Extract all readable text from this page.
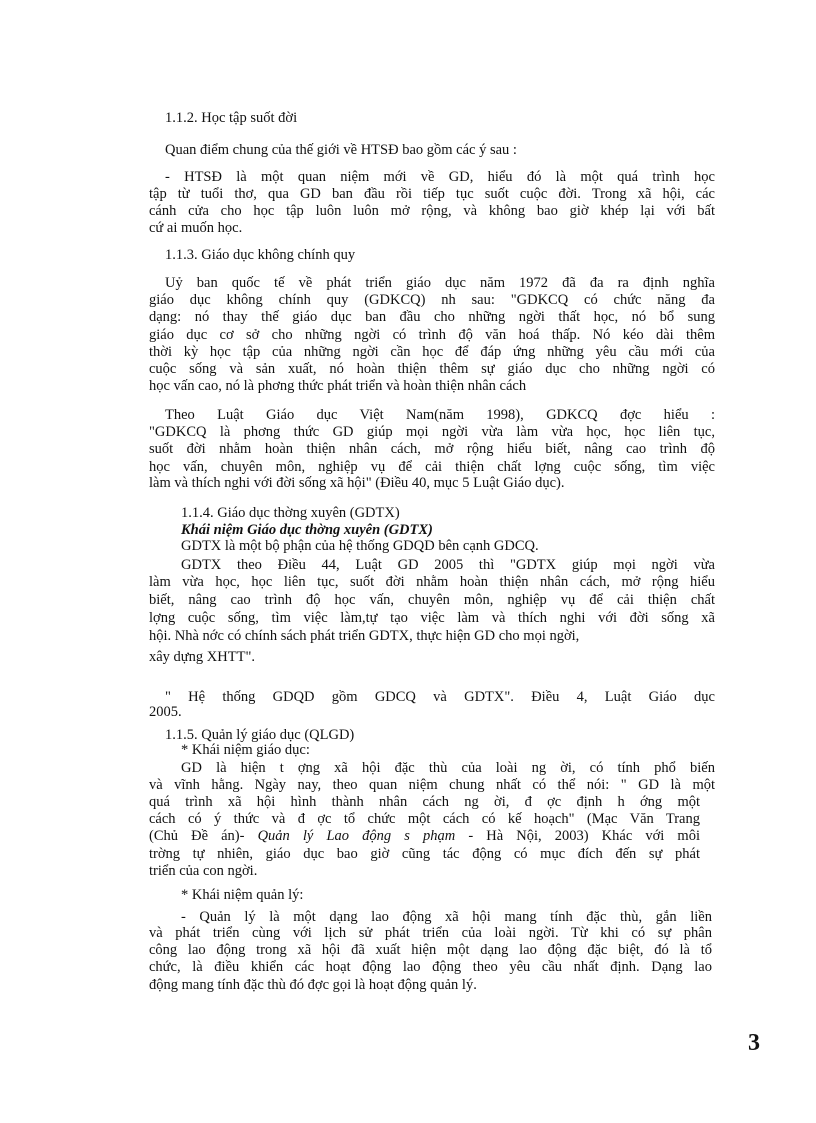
1.1.2. Học tập suốt đời
Quan điểm chung của thế giới về HTSĐ bao gồm các ý sau :
- HTSĐ là một quan niệm mới về GD, hiểu đó là một quá trình học
tập từ tuổi thơ, qua GD ban đầu rồi tiếp tục suốt cuộc đời. Trong xã hội, các
cánh cửa cho học tập luôn luôn mở rộng, và không bao giờ khép lại với bất
cứ ai muốn học.
1.1.3. Giáo dục không chính quy
Uỷ ban quốc tế về phát triển giáo dục năm 1972 đã đa ra định nghĩa
giáo dục không chính quy (GDKCQ) nh sau: "GDKCQ có chức năng đa
dạng: nó thay thế giáo dục ban đầu cho những ngời thất học, nó bổ sung
giáo dục cơ sở cho những ngời có trình độ văn hoá thấp. Nó kéo dài thêm
thời kỳ học tập của những ngời cần học để đáp ứng những yêu cầu mới của
cuộc sống và sản xuất, nó hoàn thiện thêm sự giáo dục cho những ngời có
học vấn cao, nó là phơng thức phát triển và hoàn thiện nhân cách
Theo Luật Giáo dục Việt Nam(năm 1998), GDKCQ đợc hiểu :
"GDKCQ là phơng thức GD giúp mọi ngời vừa làm vừa học, học liên tục,
suốt đời nhằm hoàn thiện nhân cách, mở rộng hiểu biết, nâng cao trình độ
học vấn, chuyên môn, nghiệp vụ để cải thiện chất lợng cuộc sống, tìm việc
làm và thích nghi với đời sống xã hội" (Điều 40, mục 5 Luật Giáo dục).
1.1.4. Giáo dục thờng xuyên (GDTX)
Khái niệm Giáo dục thờng xuyên (GDTX)
GDTX là một bộ phận của hệ thống GDQD bên cạnh GDCQ.
GDTX theo Điều 44, Luật GD 2005 thì "GDTX giúp mọi ngời vừa
làm vừa học, học liên tục, suốt đời nhằm hoàn thiện nhân cách, mở rộng hiểu
biết, nâng cao trình độ học vấn, chuyên môn, nghiệp vụ để cải thiện chất
lợng cuộc sống, tìm việc làm,tự tạo việc làm và thích nghi với đời sống xã
hội. Nhà nớc có chính sách phát triển GDTX, thực hiện GD cho mọi ngời,
xây dựng XHTT".
" Hệ thống GDQD gồm GDCQ và GDTX". Điều 4, Luật Giáo dục
2005.
1.1.5. Quản lý giáo dục (QLGD)
* Khái niệm giáo dục:
GD là hiện t ợng xã hội đặc thù của loài ng ời, có tính phổ biến
và vĩnh hằng. Ngày nay, theo quan niệm chung nhất có thể nói: " GD là một
quá trình xã hội hình thành nhân cách ng ời, đ ợc định h ớng một
cách có ý thức và đ ợc tổ chức một cách có kế hoạch" (Mạc Văn Trang
(Chủ Đề án)- Quản lý Lao động s phạm - Hà Nội, 2003) Khác với môi
trờng tự nhiên, giáo dục bao giờ cũng tác động có mục đích đến sự phát
triển của con ngời.
* Khái niệm quản lý:
- Quản lý là một dạng lao động xã hội mang tính đặc thù, gắn liền
và phát triển cùng với lịch sử phát triển của loài ngời. Từ khi có sự phân
công lao động trong xã hội đã xuất hiện một dạng lao động đặc biệt, đó là tổ
chức, là điều khiển các hoạt động lao động theo yêu cầu nhất định. Dạng lao
động mang tính đặc thù đó đợc gọi là hoạt động quản lý.
3
